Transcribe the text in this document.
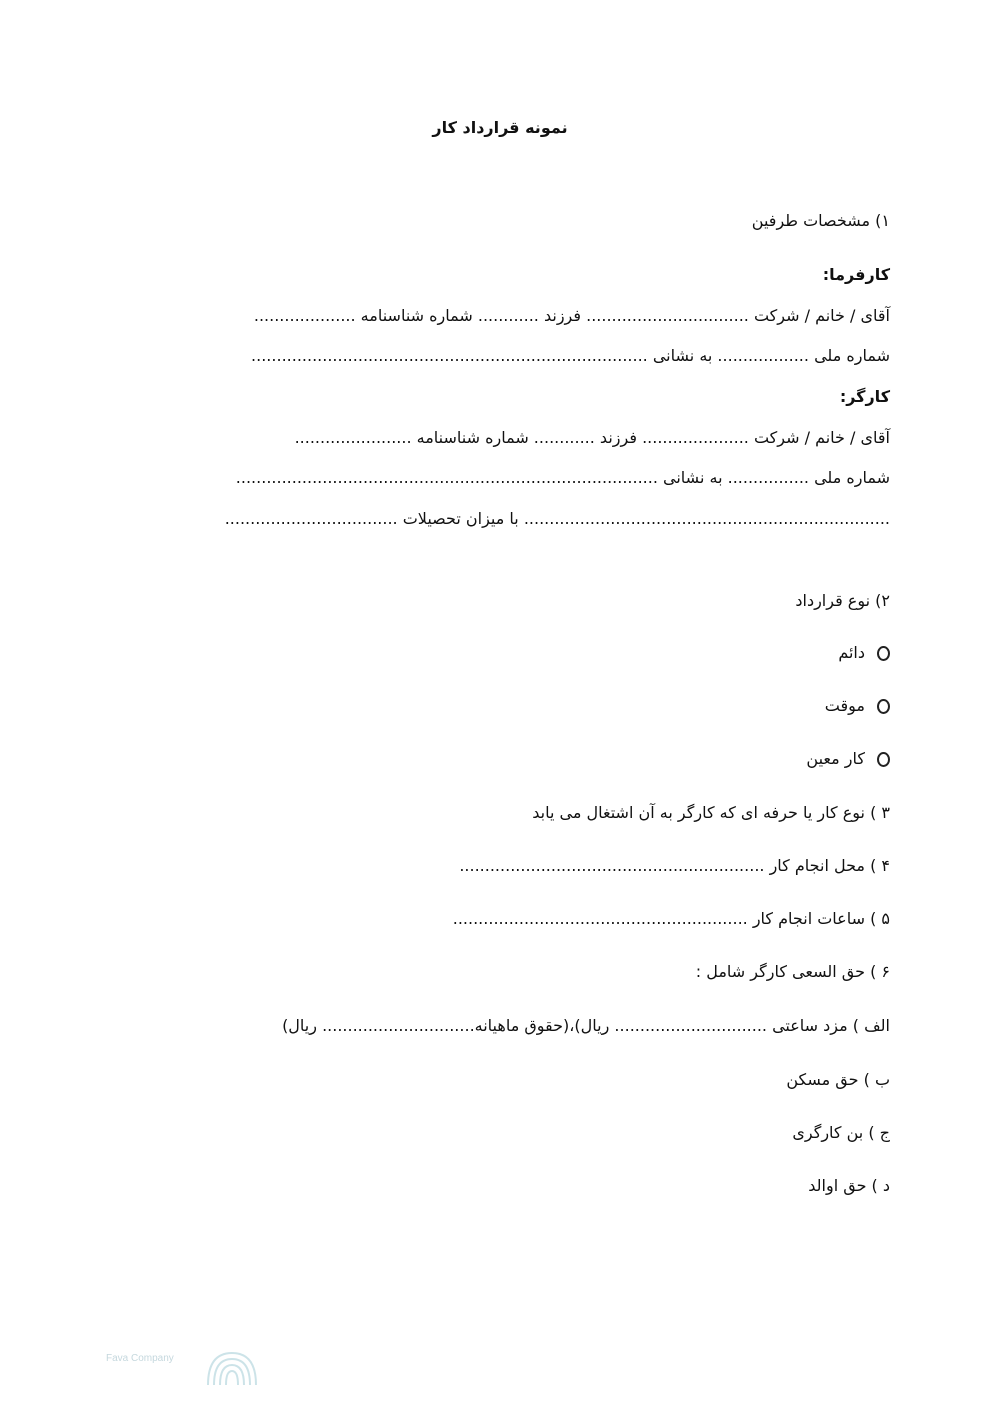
نمونه قرارداد کار
۱) مشخصات طرفین
کارفرما:
آقای / خانم / شرکت ................................ فرزند ............ شماره شناسنامه ....................
شماره ملی .................. به نشانی ..............................................................................
کارگر:
آقای / خانم / شرکت ..................... فرزند ............ شماره شناسنامه .......................
شماره ملی ................ به نشانی ...................................................................................
........................................................................ با میزان تحصیلات ..................................
۲) نوع قرارداد
دائم
موقت
کار معین
۳ ) نوع کار یا حرفه ای که کارگر به آن اشتغال می یابد
۴ ) محل انجام کار ............................................................
۵ ) ساعات انجام کار ..........................................................
۶ ) حق السعی کارگر شامل :
الف ) مزد ساعتی .............................. ریال)،(حقوق ماهیانه.............................. ریال)
ب ) حق مسکن
ج ) بن کارگری
د ) حق اوالد
Fava Company
